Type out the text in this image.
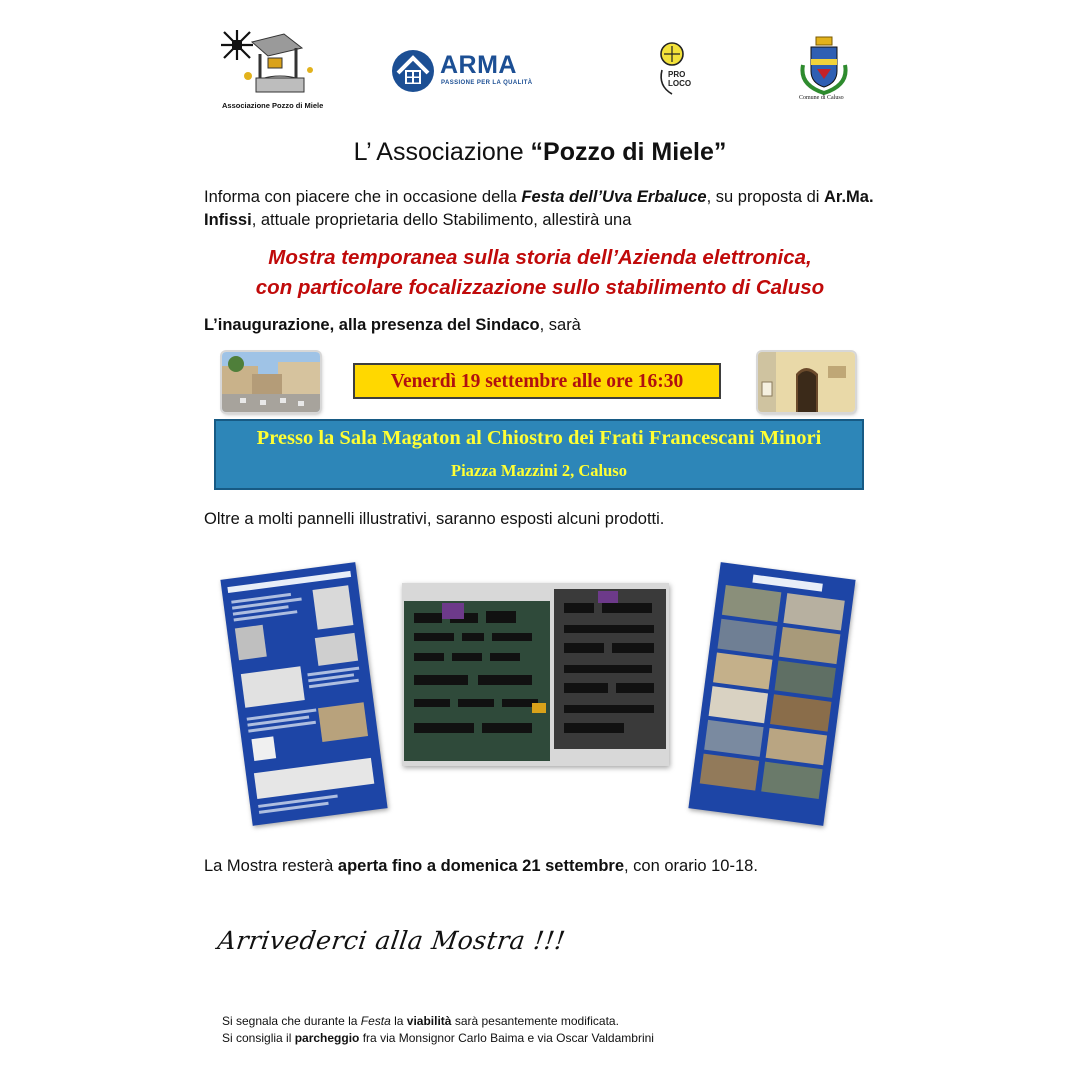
Associazione Pozzo di Miele
ARMA
PASSIONE PER LA QUALITÀ
PRO LOCO
Comune di Caluso
L’ Associazione “Pozzo di Miele”
Informa con piacere che in occasione della Festa dell’Uva Erbaluce, su proposta di Ar.Ma. Infissi, attuale proprietaria dello Stabilimento, allestirà una
Mostra temporanea sulla storia dell’Azienda elettronica,
con particolare focalizzazione sullo stabilimento di Caluso
L’inaugurazione, alla presenza del Sindaco, sarà
Venerdì 19 settembre alle ore 16:30
Presso la Sala Magaton al Chiostro dei Frati Francescani Minori
Piazza Mazzini 2, Caluso
Oltre a molti pannelli illustrativi, saranno esposti alcuni prodotti.
La Mostra resterà aperta fino a domenica 21 settembre, con orario 10-18.
Arrivederci alla Mostra !!!
Si segnala che durante la Festa la viabilità sarà pesantemente modificata.
Si consiglia il parcheggio fra via Monsignor Carlo Baima e via Oscar Valdambrini
